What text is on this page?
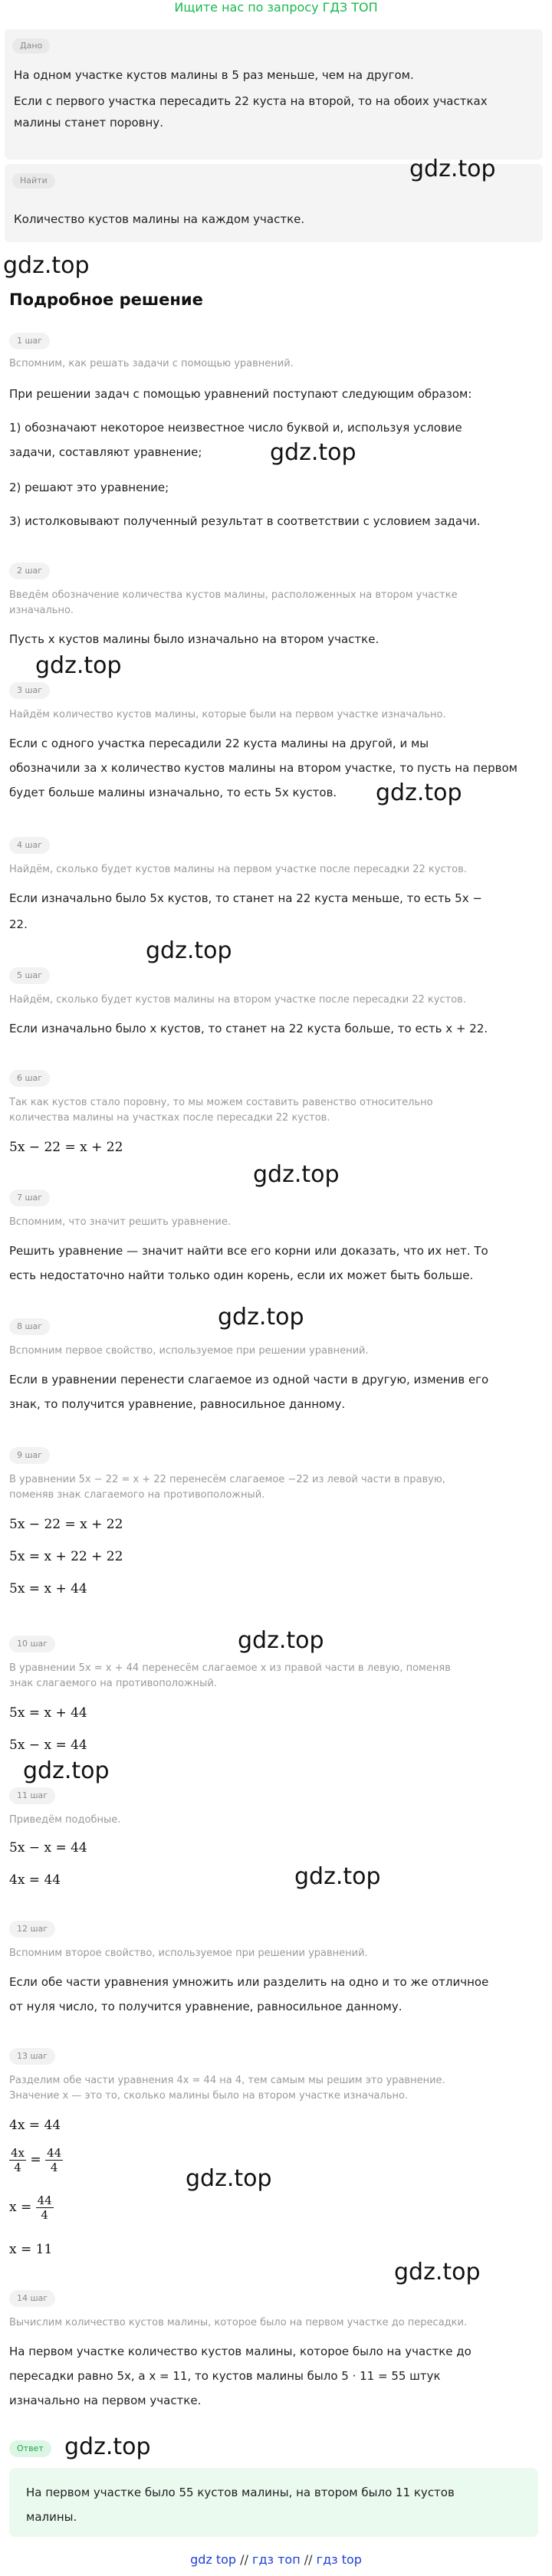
Ищите нас по запросу ГДЗ ТОП
Дано
На одном участке кустов малины в 5 раз меньше, чем на другом.
Если с первого участка пересадить 22 куста на второй, то на обоих участках
малины станет поровну.
Найти	gdz.top
Количество кустов малины на каждом участке.
gdz.top
Подробное решение
1 шаг
Вспомним, как решать задачи с помощью уравнений.
При решении задач с помощью уравнений поступают следующим образом:
1) обозначают некоторое неизвестное число буквой и, используя условие
задачи, составляют уравнение;	gdz.top
2) решают это уравнение;
3) истолковывают полученный результат в соответствии с условием задачи.
2 шаг
Введём обозначение количества кустов малины, расположенных на втором участке
изначально.
Пусть x кустов малины было изначально на втором участке.
gdz.top
3 шаг
Найдём количество кустов малины, которые были на первом участке изначально.
Если с одного участка пересадили 22 куста малины на другой, и мы
обозначили за x количество кустов малины на втором участке, то пусть на первом
будет больше малины изначально, то есть 5x кустов.	gdz.top
4 шаг
Найдём, сколько будет кустов малины на первом участке после пересадки 22 кустов.
Если изначально было 5x кустов, то станет на 22 куста меньше, то есть 5x −
22.
gdz.top
5 шаг
Найдём, сколько будет кустов малины на втором участке после пересадки 22 кустов.
Если изначально было x кустов, то станет на 22 куста больше, то есть x + 22.
6 шаг
Так как кустов стало поровну, то мы можем составить равенство относительно
количества малины на участках после пересадки 22 кустов.
5x − 22 = x + 22
gdz.top
7 шаг
Вспомним, что значит решить уравнение.
Решить уравнение — значит найти все его корни или доказать, что их нет. То
есть недостаточно найти только один корень, если их может быть больше.
gdz.top
8 шаг
Вспомним первое свойство, используемое при решении уравнений.
Если в уравнении перенести слагаемое из одной части в другую, изменив его
знак, то получится уравнение, равносильное данному.
9 шаг
В уравнении 5x − 22 = x + 22 перенесём слагаемое −22 из левой части в правую,
поменяв знак слагаемого на противоположный.
5x − 22 = x + 22
5x = x + 22 + 22
5x = x + 44
gdz.top
10 шаг
В уравнении 5x = x + 44 перенесём слагаемое x из правой части в левую, поменяв
знак слагаемого на противоположный.
5x = x + 44
5x − x = 44
gdz.top
11 шаг
Приведём подобные.
5x − x = 44
4x = 44	gdz.top
12 шаг
Вспомним второе свойство, используемое при решении уравнений.
Если обе части уравнения умножить или разделить на одно и то же отличное
от нуля число, то получится уравнение, равносильное данному.
13 шаг
Разделим обе части уравнения 4x = 44 на 4, тем самым мы решим это уравнение.
Значение x — это то, сколько малины было на втором участке изначально.
4x = 44
$\frac{4x}{4} = \frac{44}{4}$
$x = \frac{44}{4}$
gdz.top
x = 11
gdz.top
14 шаг
Вычислим количество кустов малины, которое было на первом участке до пересадки.
На первом участке количество кустов малины, которое было на участке до
пересадки равно 5x, а x = 11, то кустов малины было 5 · 11 = 55 штук
изначально на первом участке.
Ответ gdz.top
На первом участке было 55 кустов малины, на втором было 11 кустов
малины.
gdz top // гдз топ // гдз top
